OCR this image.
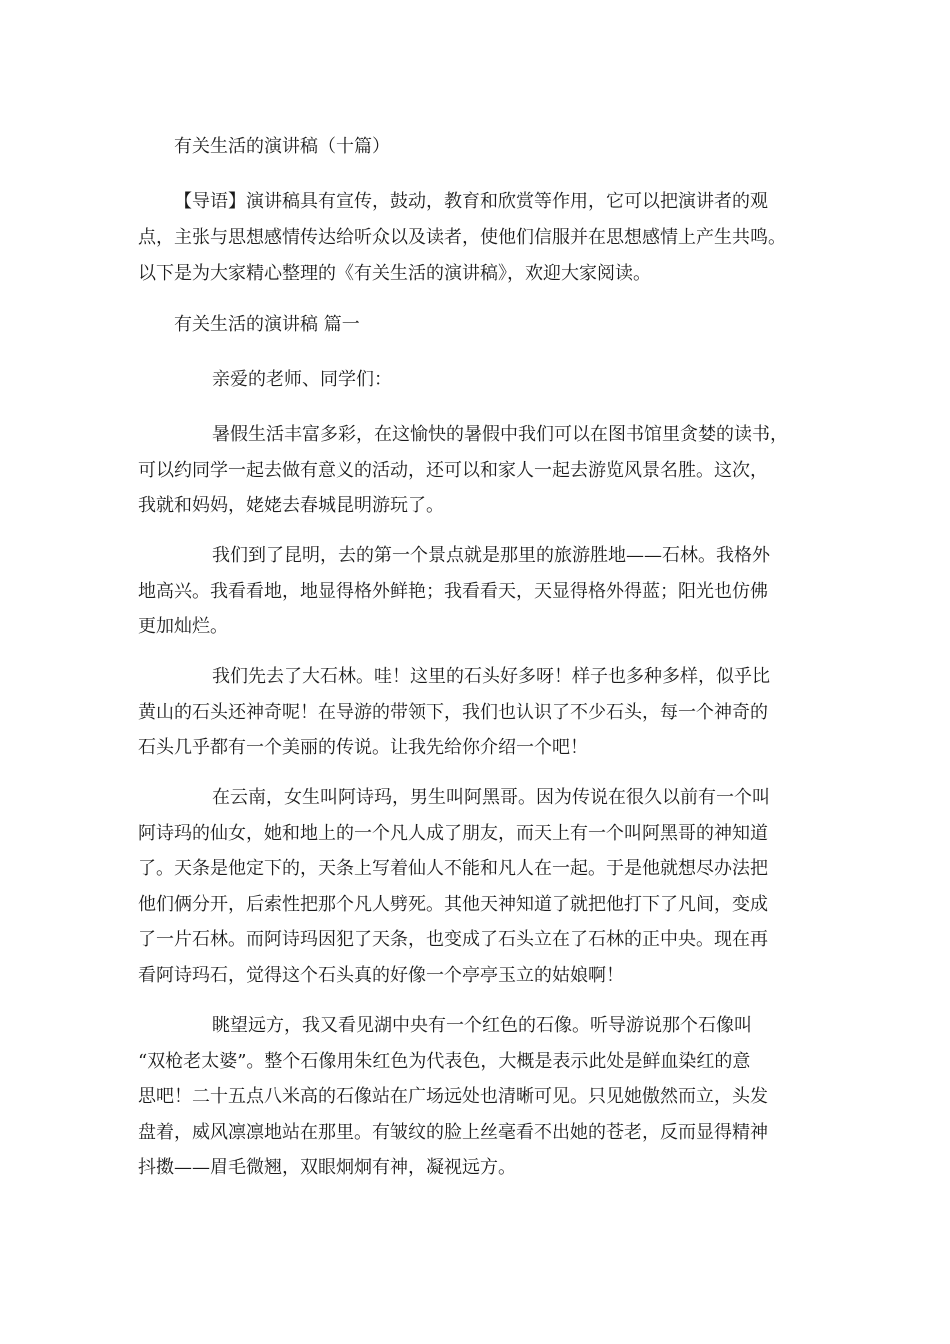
有关生活的演讲稿（十篇）
【导语】演讲稿具有宣传，鼓动，教育和欣赏等作用，它可以把演讲者的观
点，主张与思想感情传达给听众以及读者，使他们信服并在思想感情上产生共鸣。
以下是为大家精心整理的《有关生活的演讲稿》，欢迎大家阅读。
有关生活的演讲稿 篇一
亲爱的老师、同学们：
暑假生活丰富多彩，在这愉快的暑假中我们可以在图书馆里贪婪的读书，
可以约同学一起去做有意义的活动，还可以和家人一起去游览风景名胜。这次，
我就和妈妈，姥姥去春城昆明游玩了。
我们到了昆明，去的第一个景点就是那里的旅游胜地——石林。我格外
地高兴。我看看地，地显得格外鲜艳；我看看天，天显得格外得蓝；阳光也仿佛
更加灿烂。
我们先去了大石林。哇！这里的石头好多呀！样子也多种多样，似乎比
黄山的石头还神奇呢！在导游的带领下，我们也认识了不少石头，每一个神奇的
石头几乎都有一个美丽的传说。让我先给你介绍一个吧！
在云南，女生叫阿诗玛，男生叫阿黑哥。因为传说在很久以前有一个叫
阿诗玛的仙女，她和地上的一个凡人成了朋友，而天上有一个叫阿黑哥的神知道
了。天条是他定下的，天条上写着仙人不能和凡人在一起。于是他就想尽办法把
他们俩分开，后索性把那个凡人劈死。其他天神知道了就把他打下了凡间，变成
了一片石林。而阿诗玛因犯了天条，也变成了石头立在了石林的正中央。现在再
看阿诗玛石，觉得这个石头真的好像一个亭亭玉立的姑娘啊！
眺望远方，我又看见湖中央有一个红色的石像。听导游说那个石像叫
“双枪老太婆”。整个石像用朱红色为代表色，大概是表示此处是鲜血染红的意
思吧！二十五点八米高的石像站在广场远处也清晰可见。只见她傲然而立，头发
盘着，威风凛凛地站在那里。有皱纹的脸上丝毫看不出她的苍老，反而显得精神
抖擞——眉毛微翘，双眼炯炯有神，凝视远方。
